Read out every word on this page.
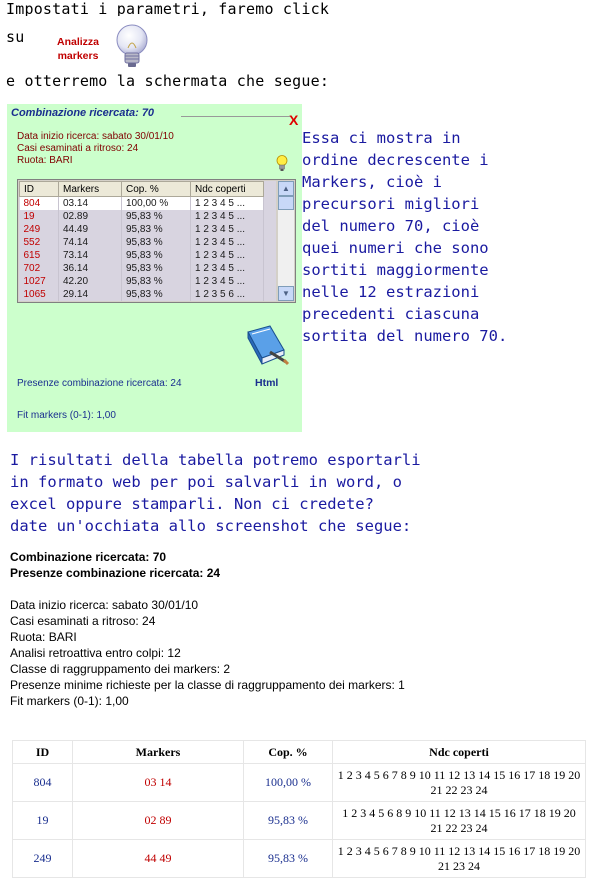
Impostati i parametri, faremo click
su	Analizza
markers
e otterremo la schermata che segue:
Combinazione ricercata: 70	X
Data inizio ricerca: sabato 30/01/10
Casi esaminati a ritroso: 24
Ruota: BARI
ID	Markers	Cop. %	Ndc coperti
804	03.14	100,00 %	1 2 3 4 5 ...
19	02.89	95,83 %	1 2 3 4 5 ...
249	44.49	95,83 %	1 2 3 4 5 ...
552	74.14	95,83 %	1 2 3 4 5 ...
615	73.14	95,83 %	1 2 3 4 5 ...
702	36.14	95,83 %	1 2 3 4 5 ...
1027	42.20	95,83 %	1 2 3 4 5 ...
1065	29.14	95,83 %	1 2 3 5 6 ...
▲
▼
Html
Presenze combinazione ricercata: 24
Fit markers (0-1): 1,00
Essa ci mostra in
ordine decrescente i
Markers, cioè i
precursori migliori
del numero 70, cioè
quei numeri che sono
sortiti maggiormente
nelle 12 estrazioni
precedenti ciascuna
sortita del numero 70.
I risultati della tabella potremo esportarli
in formato web per poi salvarli in word, o
excel oppure stamparli. Non ci credete?
date un'occhiata allo screenshot che segue:
Combinazione ricercata: 70
Presenze combinazione ricercata: 24
Data inizio ricerca: sabato 30/01/10
Casi esaminati a ritroso: 24
Ruota: BARI
Analisi retroattiva entro colpi: 12
Classe di raggruppamento dei markers: 2
Presenze minime richieste per la classe di raggruppamento dei markers: 1
Fit markers (0-1): 1,00
ID	Markers	Cop. %	Ndc coperti
804	03 14	100,00 %	1 2 3 4 5 6 7 8 9 10 11 12 13 14 15 16 17 18 19 20 21 22 23 24
19	02 89	95,83 %	1 2 3 4 5 6 8 9 10 11 12 13 14 15 16 17 18 19 20 21 22 23 24
249	44 49	95,83 %	1 2 3 4 5 6 7 8 9 10 11 12 13 14 15 16 17 18 19 20 21 23 24
